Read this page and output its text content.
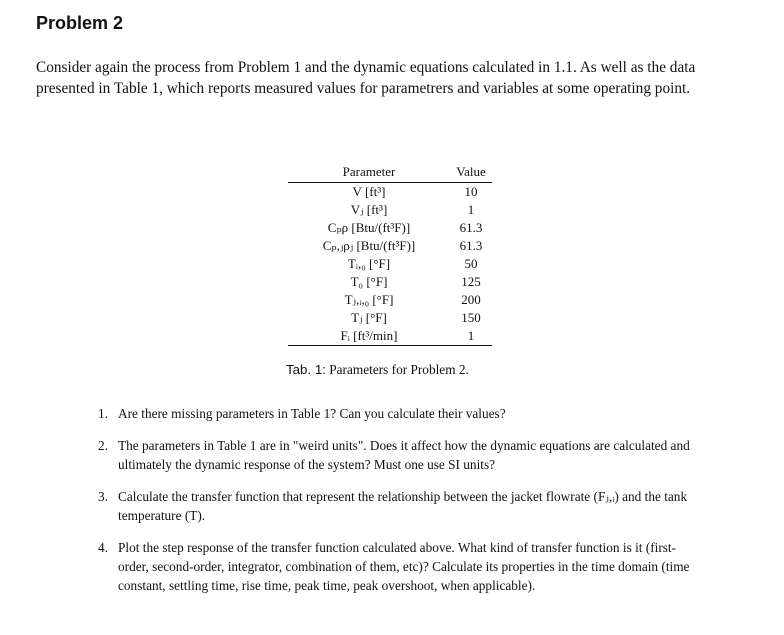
Problem 2

Consider again the process from Problem 1 and the dynamic equations calculated in 1.1. As well as the data presented in Table 1, which reports measured values for parametrers and variables at some operating point.

Parameter	Value
V [ft³]	10
Vⱼ [ft³]	1
Cₚρ [Btu/(ft³F)]	61.3
Cₚ,ⱼρⱼ [Btu/(ft³F)]	61.3
Tᵢ,₀ [°F]	50
T₀ [°F]	125
Tⱼ,ᵢ,₀ [°F]	200
Tⱼ [°F]	150
Fᵢ [ft³/min]	1
Tab. 1: Parameters for Problem 2.
1. Are there missing parameters in Table 1? Can you calculate their values?
2. The parameters in Table 1 are in "weird units". Does it affect how the dynamic equations are calculated and ultimately the dynamic response of the system? Must one use SI units?
3. Calculate the transfer function that represent the relationship between the jacket flowrate (Fⱼ,ᵢ) and the tank temperature (T).
4. Plot the step response of the transfer function calculated above. What kind of transfer function is it (first-order, second-order, integrator, combination of them, etc)? Calculate its properties in the time domain (time constant, settling time, rise time, peak time, peak overshoot, when applicable).
